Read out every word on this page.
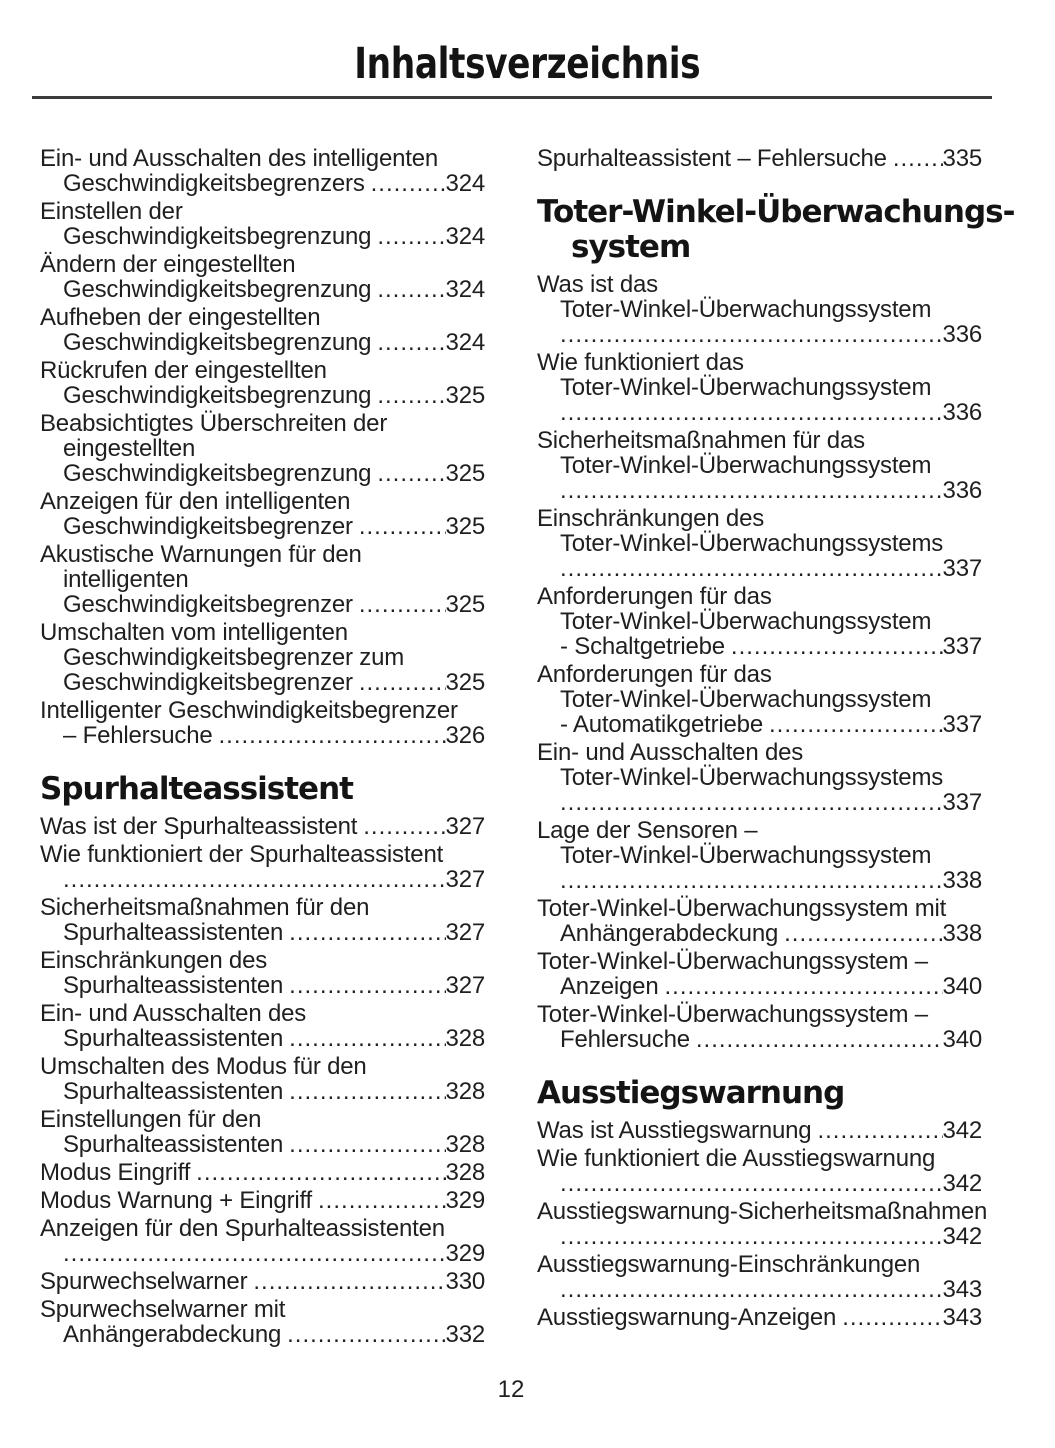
Inhaltsverzeichnis
Ein- und Ausschalten des intelligenten
Geschwindigkeitsbegrenzers .....	324
Einstellen der
Geschwindigkeitsbegrenzung .....	324
Ändern der eingestellten
Geschwindigkeitsbegrenzung .....	324
Aufheben der eingestellten
Geschwindigkeitsbegrenzung .....	324
Rückrufen der eingestellten
Geschwindigkeitsbegrenzung .....	325
Beabsichtigtes Überschreiten der
eingestellten
Geschwindigkeitsbegrenzung .....	325
Anzeigen für den intelligenten
Geschwindigkeitsbegrenzer .....	325
Akustische Warnungen für den
intelligenten
Geschwindigkeitsbegrenzer .....	325
Umschalten vom intelligenten
Geschwindigkeitsbegrenzer zum
Geschwindigkeitsbegrenzer .....	325
Intelligenter Geschwindigkeitsbegrenzer
– Fehlersuche .....	326
Spurhalteassistent
Was ist der Spurhalteassistent .....	327
Wie funktioniert der Spurhalteassistent
.....
327
Sicherheitsmaßnahmen für den
Spurhalteassistenten .....	327
Einschränkungen des
Spurhalteassistenten .....	327
Ein- und Ausschalten des
Spurhalteassistenten .....	328
Umschalten des Modus für den
Spurhalteassistenten .....	328
Einstellungen für den
Spurhalteassistenten .....	328
Modus Eingriff .....	328
Modus Warnung + Eingriff .....	329
Anzeigen für den Spurhalteassistenten
.....
329
Spurwechselwarner .....	330
Spurwechselwarner mit
Anhängerabdeckung .....	332
Spurhalteassistent – Fehlersuche ..... 335
Toter-Winkel-Überwachungs-
system
Was ist das
Toter-Winkel-Überwachungssystem
.....
336
Wie funktioniert das
Toter-Winkel-Überwachungssystem
.....
336
Sicherheitsmaßnahmen für das
Toter-Winkel-Überwachungssystem
.....
336
Einschränkungen des
Toter-Winkel-Überwachungssystems
.....
337
Anforderungen für das
Toter-Winkel-Überwachungssystem
- Schaltgetriebe .....	337
Anforderungen für das
Toter-Winkel-Überwachungssystem
- Automatikgetriebe .....	337
Ein- und Ausschalten des
Toter-Winkel-Überwachungssystems
.....
337
Lage der Sensoren –
Toter-Winkel-Überwachungssystem
.....
338
Toter-Winkel-Überwachungssystem mit
Anhängerabdeckung .....	338
Toter-Winkel-Überwachungssystem –
Anzeigen .....	340
Toter-Winkel-Überwachungssystem –
Fehlersuche .....	340
Ausstiegswarnung
Was ist Ausstiegswarnung .....	342
Wie funktioniert die Ausstiegswarnung
.....
342
Ausstiegswarnung-Sicherheitsmaßnahmen
.....
342
Ausstiegswarnung-Einschränkungen
.....
343
Ausstiegswarnung-Anzeigen .....	343
12
